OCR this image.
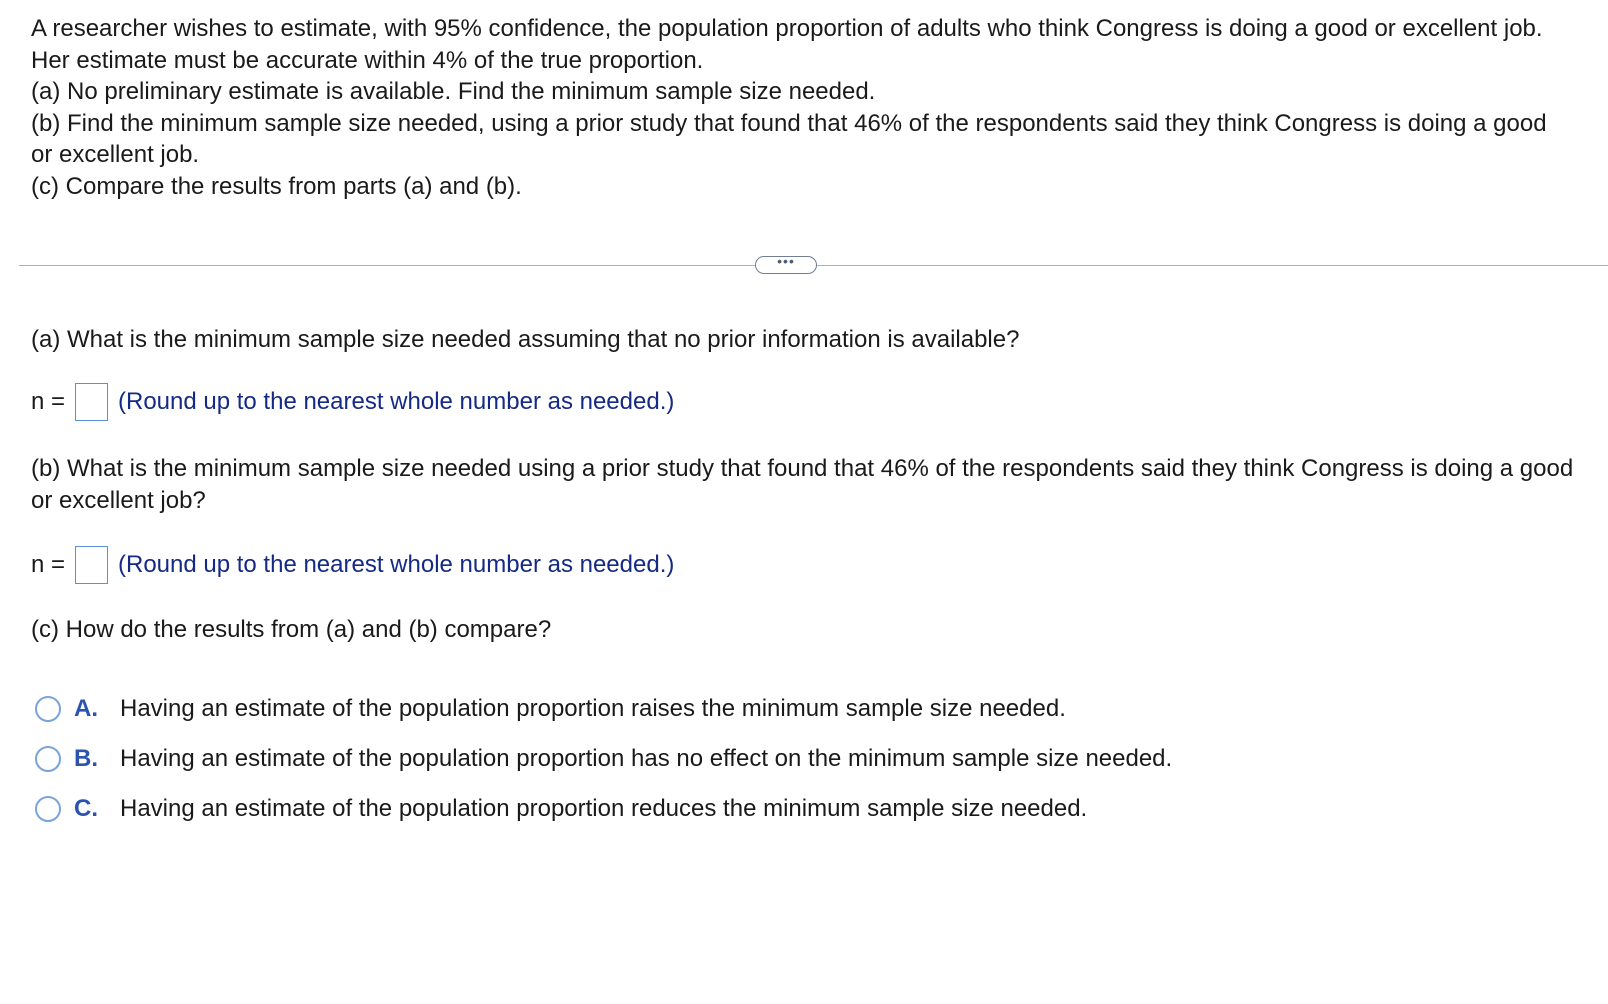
A researcher wishes to estimate, with 95% confidence, the population proportion of adults who think Congress is doing a good or excellent job. Her estimate must be accurate within 4% of the true proportion.

(a) No preliminary estimate is available. Find the minimum sample size needed.

(b) Find the minimum sample size needed, using a prior study that found that 46% of the respondents said they think Congress is doing a good or excellent job.

(c) Compare the results from parts (a) and (b).

•••
(a) What is the minimum sample size needed assuming that no prior information is available?
n =	(Round up to the nearest whole number as needed.)
(b) What is the minimum sample size needed using a prior study that found that 46% of the respondents said they think Congress is doing a good or excellent job?
n =	(Round up to the nearest whole number as needed.)
(c) How do the results from (a) and (b) compare?
A. Having an estimate of the population proportion raises the minimum sample size needed.
B. Having an estimate of the population proportion has no effect on the minimum sample size needed.
C. Having an estimate of the population proportion reduces the minimum sample size needed.
